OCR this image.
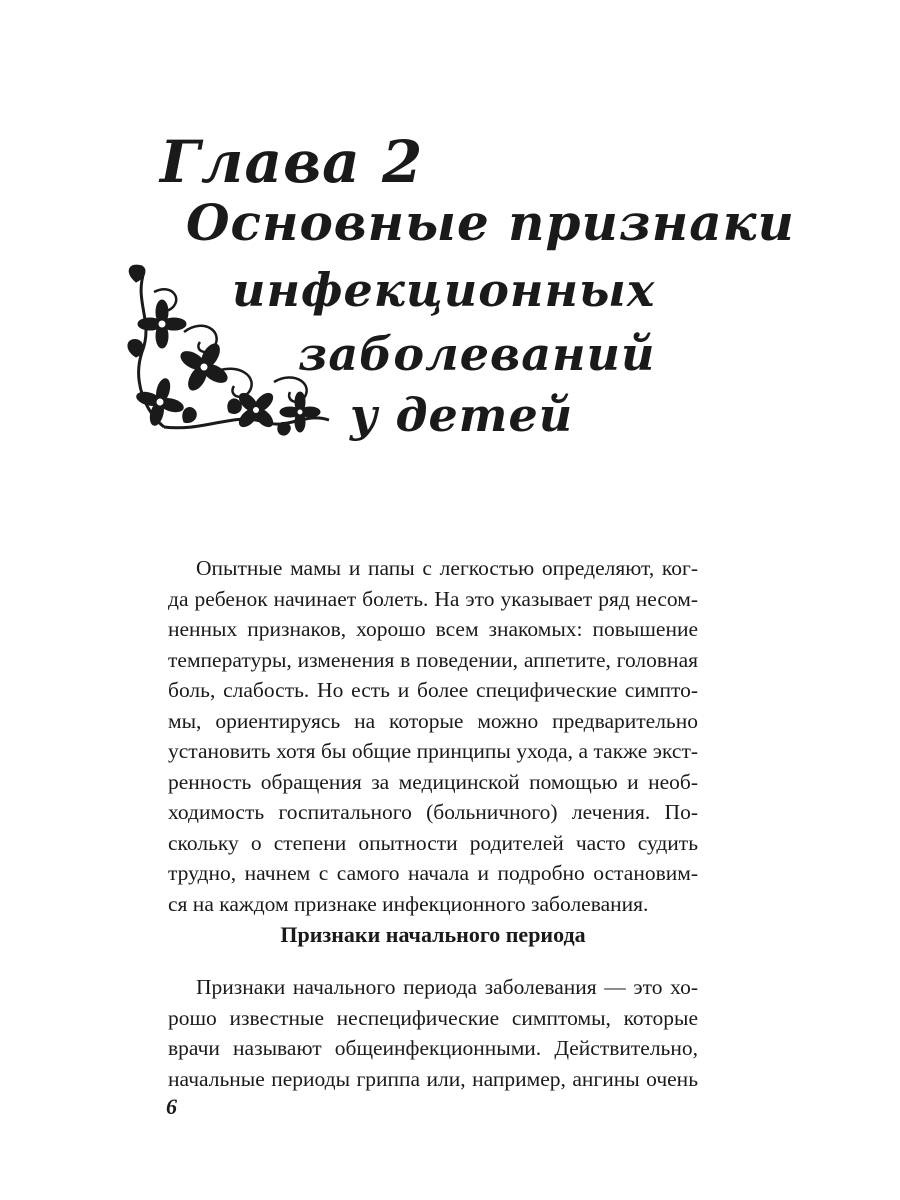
Глава 2
Основные признаки
инфекционных
заболеваний
у детей
Опытные мамы и папы с легкостью определяют, ког-
да ребенок начинает болеть. На это указывает ряд несом-
ненных признаков, хорошо всем знакомых: повышение
температуры, изменения в поведении, аппетите, головная
боль, слабость. Но есть и более специфические симпто-
мы, ориентируясь на которые можно предварительно
установить хотя бы общие принципы ухода, а также экст-
ренность обращения за медицинской помощью и необ-
ходимость госпитального (больничного) лечения. По-
скольку о степени опытности родителей часто судить
трудно, начнем с самого начала и подробно остановим-
ся на каждом признаке инфекционного заболевания.
Признаки начального периода
Признаки начального периода заболевания — это хо-
рошо известные неспецифические симптомы, которые
врачи называют общеинфекционными. Действительно,
начальные периоды гриппа или, например, ангины очень
6
